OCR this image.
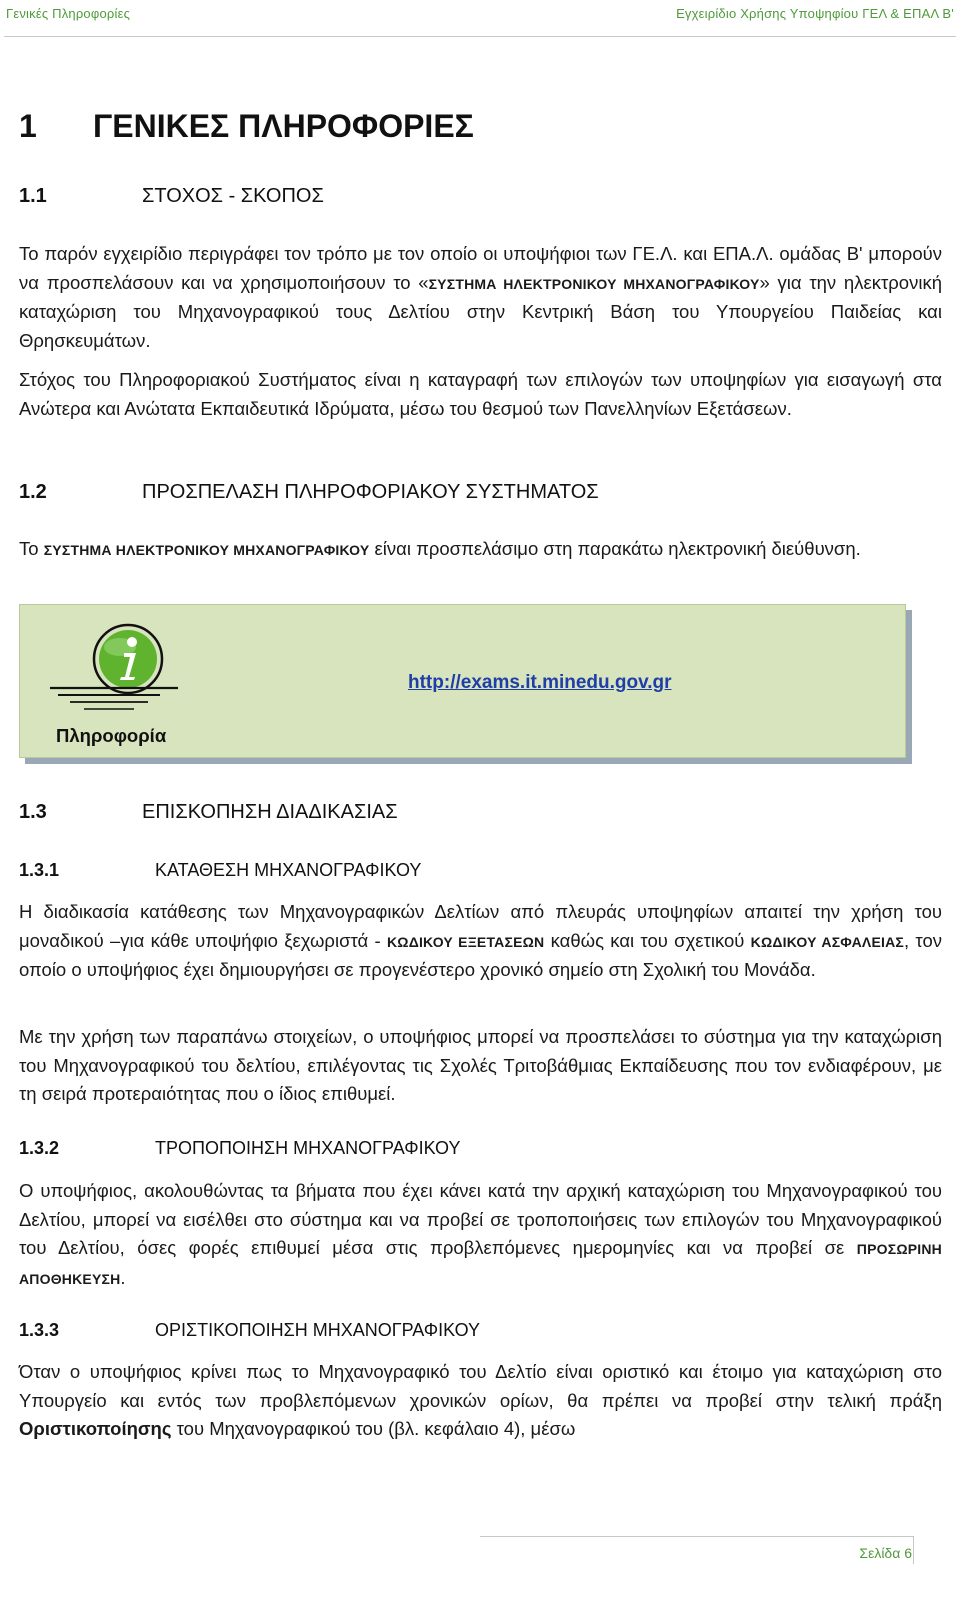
Γενικές Πληροφορίες	Εγχειρίδιο Χρήσης Υποψηφίου ΓΕΛ & ΕΠΑΛ Β'
1 ΓΕΝΙΚΕΣ ΠΛΗΡΟΦΟΡΙΕΣ
1.1	ΣΤΟΧΟΣ - ΣΚΟΠΟΣ
Το παρόν εγχειρίδιο περιγράφει τον τρόπο με τον οποίο οι υποψήφιοι των ΓΕ.Λ. και ΕΠΑ.Λ. ομάδας Β' μπορούν να προσπελάσουν και να χρησιμοποιήσουν το «ΣΥΣΤΗΜΑ ΗΛΕΚΤΡΟΝΙΚΟΥ ΜΗΧΑΝΟΓΡΑΦΙΚΟΥ» για την ηλεκτρονική καταχώριση του Μηχανογραφικού τους Δελτίου στην Κεντρική Βάση του Υπουργείου Παιδείας και Θρησκευμάτων.
Στόχος του Πληροφοριακού Συστήματος είναι η καταγραφή των επιλογών των υποψηφίων για εισαγωγή στα Ανώτερα και Ανώτατα Εκπαιδευτικά Ιδρύματα, μέσω του θεσμού των Πανελληνίων Εξετάσεων.
1.2	ΠΡΟΣΠΕΛΑΣΗ ΠΛΗΡΟΦΟΡΙΑΚΟΥ ΣΥΣΤΗΜΑΤΟΣ
Το ΣΥΣΤΗΜΑ ΗΛΕΚΤΡΟΝΙΚΟΥ ΜΗΧΑΝΟΓΡΑΦΙΚΟΥ είναι προσπελάσιμο στη παρακάτω ηλεκτρονική διεύθυνση.
Πληροφορία
http://exams.it.minedu.gov.gr
1.3	ΕΠΙΣΚΟΠΗΣΗ ΔΙΑΔΙΚΑΣΙΑΣ
1.3.1	ΚΑΤΑΘΕΣΗ ΜΗΧΑΝΟΓΡΑΦΙΚΟΥ
Η διαδικασία κατάθεσης των Μηχανογραφικών Δελτίων από πλευράς υποψηφίων απαιτεί την χρήση του μοναδικού –για κάθε υποψήφιο ξεχωριστά - ΚΩΔΙΚΟΥ ΕΞΕΤΑΣΕΩΝ καθώς και του σχετικού ΚΩΔΙΚΟΥ ΑΣΦΑΛΕΙΑΣ, τον οποίο ο υποψήφιος έχει δημιουργήσει σε προγενέστερο χρονικό σημείο στη Σχολική του Μονάδα.
Με την χρήση των παραπάνω στοιχείων, ο υποψήφιος μπορεί να προσπελάσει το σύστημα για την καταχώριση του Μηχανογραφικού του δελτίου, επιλέγοντας τις Σχολές Τριτοβάθμιας Εκπαίδευσης που τον ενδιαφέρουν, με τη σειρά προτεραιότητας που ο ίδιος επιθυμεί.
1.3.2	ΤΡΟΠΟΠΟΙΗΣΗ ΜΗΧΑΝΟΓΡΑΦΙΚΟΥ
Ο υποψήφιος, ακολουθώντας τα βήματα που έχει κάνει κατά την αρχική καταχώριση του Μηχανογραφικού του Δελτίου, μπορεί να εισέλθει στο σύστημα και να προβεί σε τροποποιήσεις των επιλογών του Μηχανογραφικού του Δελτίου, όσες φορές επιθυμεί μέσα στις προβλεπόμενες ημερομηνίες και να προβεί σε ΠΡΟΣΩΡΙΝΗ ΑΠΟΘΗΚΕΥΣΗ.
1.3.3	ΟΡΙΣΤΙΚΟΠΟΙΗΣΗ ΜΗΧΑΝΟΓΡΑΦΙΚΟΥ
Όταν ο υποψήφιος κρίνει πως το Μηχανογραφικό του Δελτίο είναι οριστικό και έτοιμο για καταχώριση στο Υπουργείο και εντός των προβλεπόμενων χρονικών ορίων, θα πρέπει να προβεί στην τελική πράξη Οριστικοποίησης του Μηχανογραφικού του (βλ. κεφάλαιο 4), μέσω
Σελίδα 6
